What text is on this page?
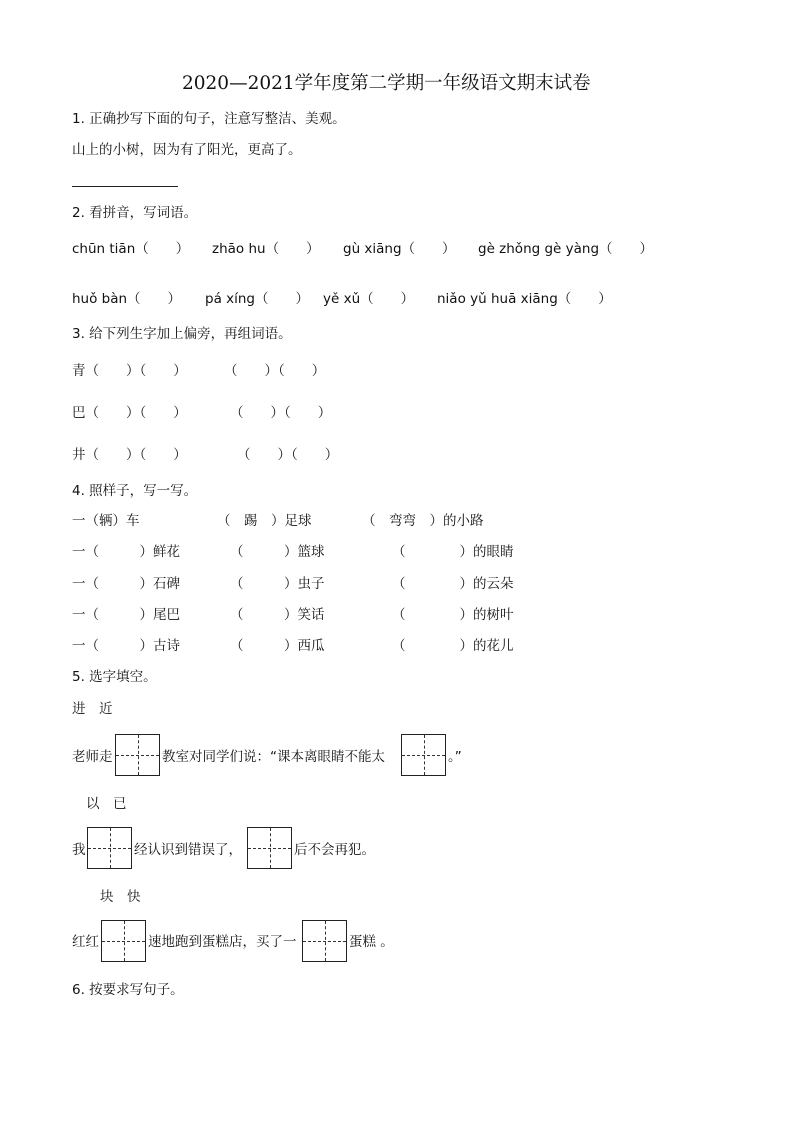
2020—2021学年度第二学期一年级语文期末试卷
1. 正确抄写下面的句子，注意写整洁、美观。
山上的小树，因为有了阳光，更高了。
2. 看拼音，写词语。
chūn tiān（　　） zhāo hu（　　） gù xiāng（　　） gè zhǒng gè yàng（　　）
huǒ bàn（　　） pá xíng（　　） yě xǔ（　　） niǎo yǔ huā xiāng（　　）
3. 给下列生字加上偏旁，再组词语。
青（　　）（　　）	（　　）（　　）
巴（　　）（　　）	（　　）（　　）
井（　　）（　　）	（　　）（　　）
4. 照样子，写一写。
一（辆）车	（　踢　）足球	（　弯弯　）的小路
一（　　　）鲜花	（　　　）篮球	（　　　　）的眼睛
一（　　　）石碑	（　　　）虫子	（　　　　）的云朵
一（　　　）尾巴	（　　　）笑话	（　　　　）的树叶
一（　　　）古诗	（　　　）西瓜	（　　　　）的花儿
5. 选字填空。
进　近
老师走	教室对同学们说：“课本离眼睛不能太	。”
以　已
我	经认识到错误了，	后不会再犯。
块　快
红红	速地跑到蛋糕店，买了一	蛋糕 。
6. 按要求写句子。
